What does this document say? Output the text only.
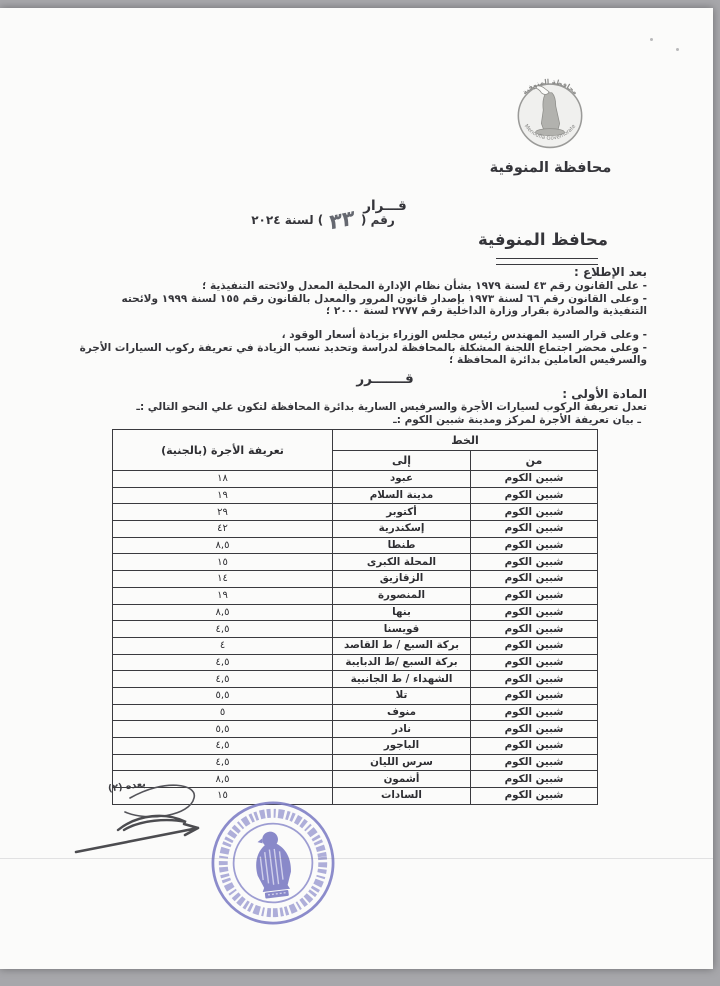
محافظة المنوفية
Menoufia Governorate
محافظة المنوفية
قـــرار
رقم (٣٣) لسنة ٢٠٢٤
محافظ المنوفية
بعد الإطلاع :
- على القانون رقم ٤٣ لسنة ١٩٧٩ بشأن نظام الإدارة المحلية المعدل ولائحته التنفيذية ؛
- وعلى القانون رقم ٦٦ لسنة ١٩٧٣ بإصدار قانون المرور والمعدل بالقانون رقم ١٥٥ لسنة ١٩٩٩ ولائحته التنفيذية والصادرة بقرار وزارة الداخلية رقم ٢٧٧٧ لسنة ٢٠٠٠ ؛
- وعلى قرار السيد المهندس رئيس مجلس الوزراء بزيادة أسعار الوقود ،
- وعلى محضر اجتماع اللجنة المشكلة بالمحافظة لدراسة وتحديد نسب الزيادة في تعريفة ركوب السيارات الأجرة والسرفيس العاملين بدائرة المحافظة ؛
قـــــــرر
المادة الأولى :
تعدل تعريفة الركوب لسيارات الأجرة والسرفيس السارية بدائرة المحافظة لتكون علي النحو التالي :ـ
ـ بيان تعريفة الأجرة لمركز ومدينة شبين الكوم :ـ
الخط		تعريفة الأجرة (بالجنية)
من	إلى	
شبين الكوم	عبود	١٨
شبين الكوم	مدينة السلام	١٩
شبين الكوم	أكتوبر	٢٩
شبين الكوم	إسكندرية	٤٢
شبين الكوم	طنطا	٨,٥
شبين الكوم	المحلة الكبرى	١٥
شبين الكوم	الزقازيق	١٤
شبين الكوم	المنصورة	١٩
شبين الكوم	بنها	٨,٥
شبين الكوم	قويسنا	٤,٥
شبين الكوم	بركة السبع / ط القاصد	٤
شبين الكوم	بركة السبع /ط الدبايبة	٤,٥
شبين الكوم	الشهداء / ط الجانبية	٤,٥
شبين الكوم	تلا	٥,٥
شبين الكوم	منوف	٥
شبين الكوم	نادر	٥,٥
شبين الكوم	الباجور	٤,٥
شبين الكوم	سرس الليان	٤,٥
شبين الكوم	أشمون	٨,٥
شبين الكوم	السادات	١٥
بعده (٢)
